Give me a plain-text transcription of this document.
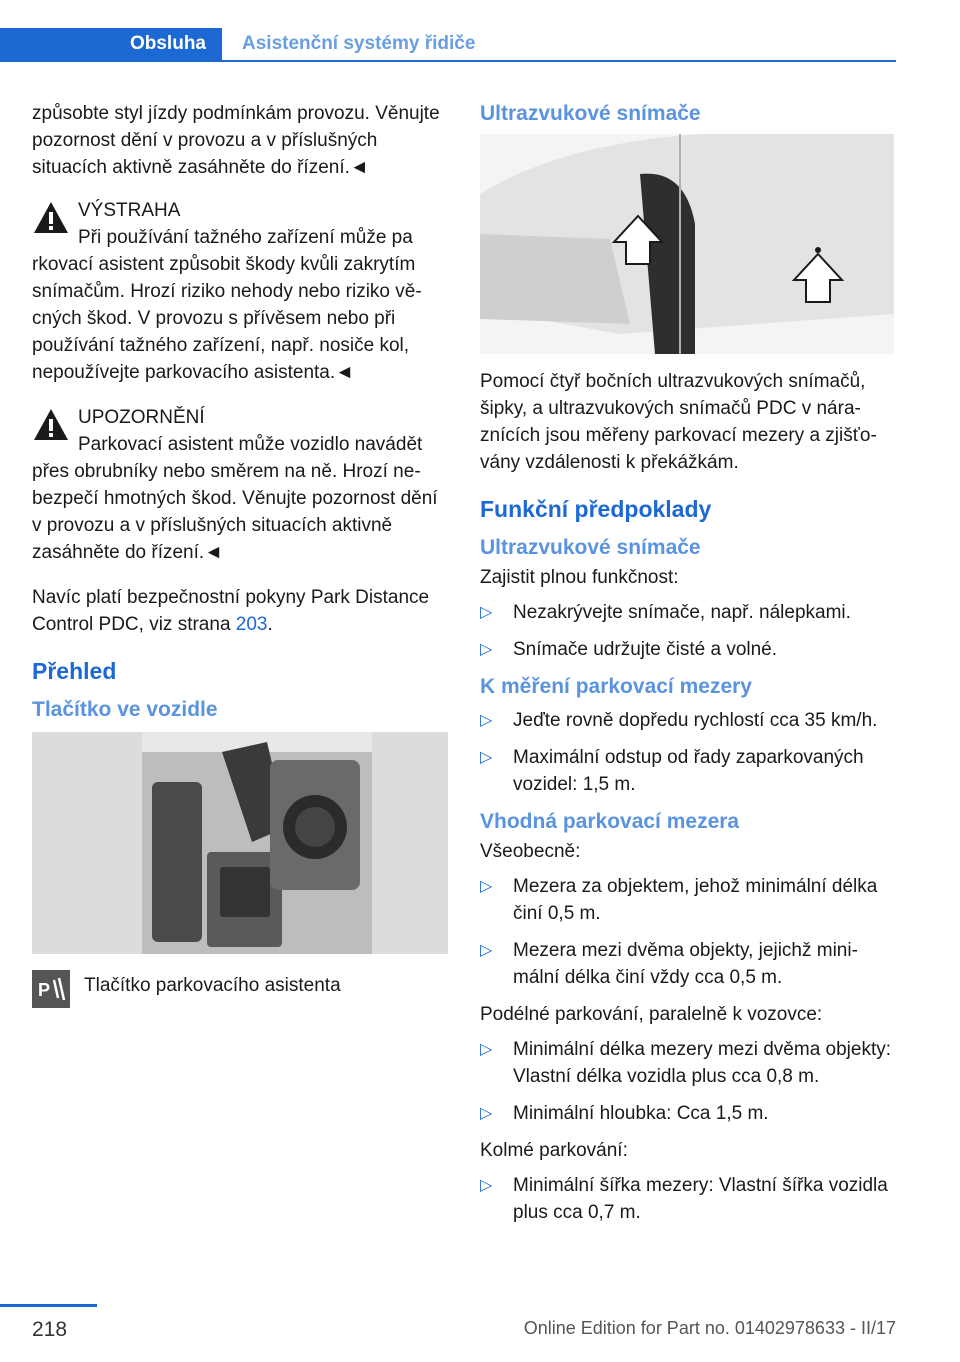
Obsluha	Asistenční systémy řidiče

způsobte styl jízdy podmínkám provozu. Věnujte pozornost dění v provozu a v příslušných situacích aktivně zasáhněte do řízení.◄

VÝSTRAHA
Při používání tažného zařízení může pa
rkovací asistent způsobit škody kvůli zakrytím snímačům. Hrozí riziko nehody nebo riziko věcných škod. V provozu s přívěsem nebo při používání tažného zařízení, např. nosiče kol, nepoužívejte parkovacího asistenta.◄
UPOZORNĚNÍ
Parkovací asistent může vozidlo navádět
přes obrubníky nebo směrem na ně. Hrozí nebezpečí hmotných škod. Věnujte pozornost dění v provozu a v příslušných situacích aktivně zasáhněte do řízení.◄

Navíc platí bezpečnostní pokyny Park Distance Control PDC, viz strana 203.

Přehled
Tlačítko ve vozidle
P Tlačítko parkovacího asistenta

Ultrazvukové snímače

Pomocí čtyř bočních ultrazvukových snímačů, šipky, a ultrazvukových snímačů PDC v náraznících jsou měřeny parkovací mezery a zjišťovány vzdálenosti k překážkám.

Funkční předpoklady
Ultrazvukové snímače

Zajistit plnou funkčnost:

▷ Nezakrývejte snímače, např. nálepkami.
▷ Snímače udržujte čisté a volné.
K měření parkovací mezery
▷ Jeďte rovně dopředu rychlostí cca 35 km/h.
▷ Maximální odstup od řady zaparkovaných vozidel: 1,5 m.
Vhodná parkovací mezera

Všeobecně:

▷ Mezera za objektem, jehož minimální délka činí 0,5 m.
▷ Mezera mezi dvěma objekty, jejichž minimální délka činí vždy cca 0,5 m.

Podélné parkování, paralelně k vozovce:

▷ Minimální délka mezery mezi dvěma objekty: Vlastní délka vozidla plus cca 0,8 m.
▷ Minimální hloubka: Cca 1,5 m.

Kolmé parkování:

▷ Minimální šířka mezery: Vlastní šířka vozidla plus cca 0,7 m.
218	Online Edition for Part no. 01402978633 - II/17
